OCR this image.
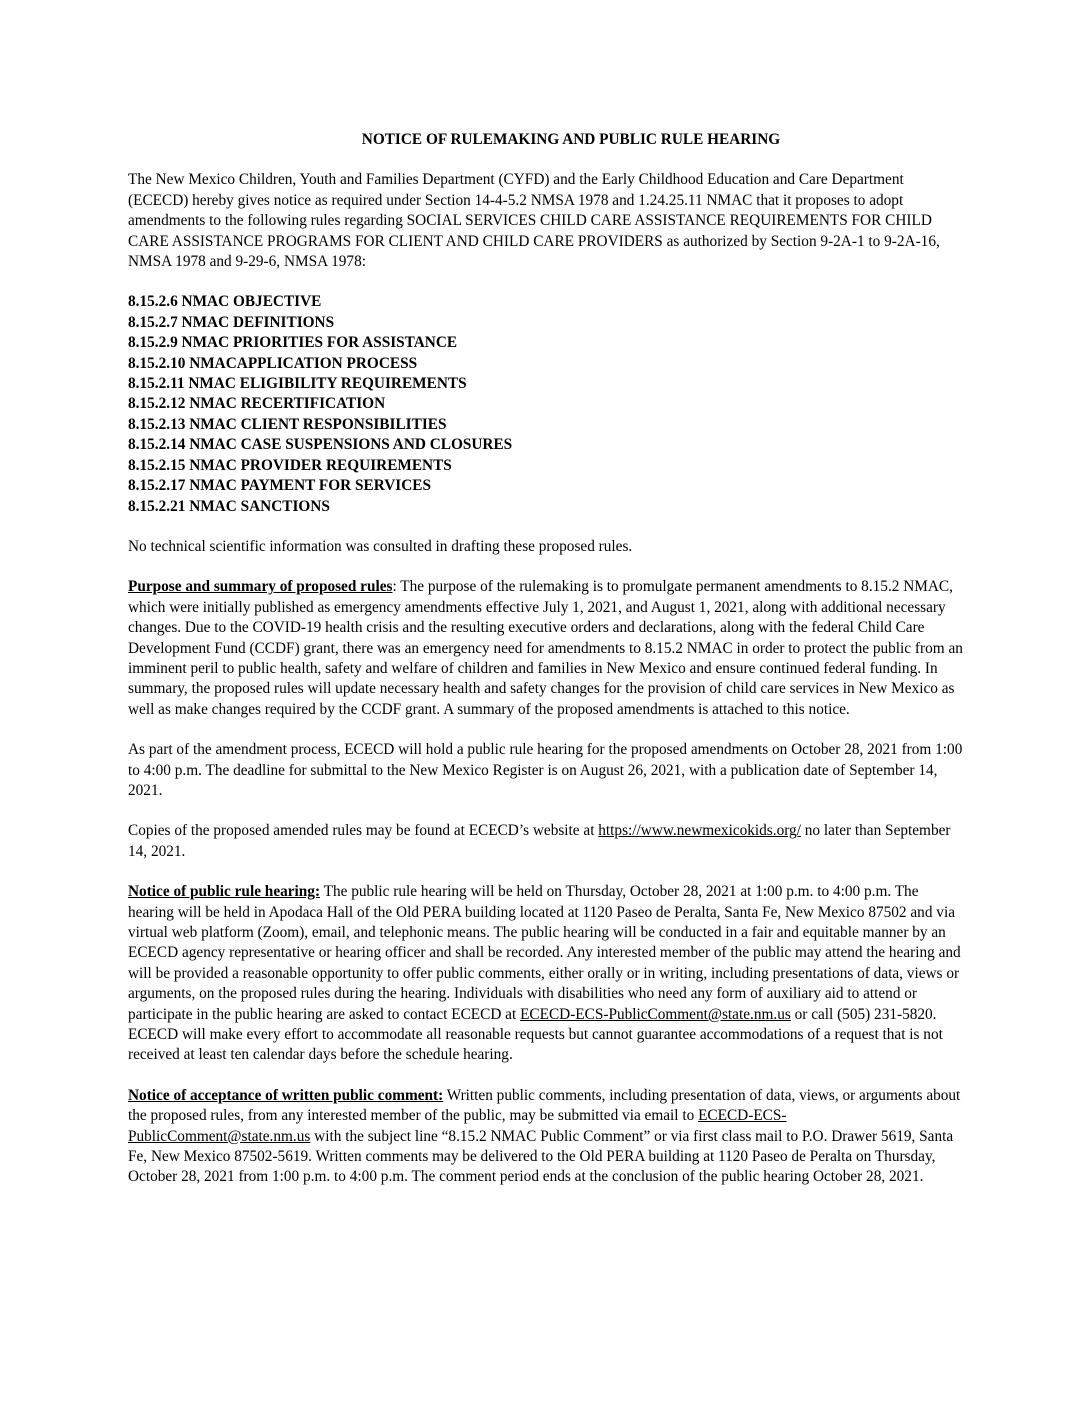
NOTICE OF RULEMAKING AND PUBLIC RULE HEARING

The New Mexico Children, Youth and Families Department (CYFD) and the Early Childhood Education and Care Department (ECECD) hereby gives notice as required under Section 14-4-5.2 NMSA 1978 and 1.24.25.11 NMAC that it proposes to adopt amendments to the following rules regarding SOCIAL SERVICES CHILD CARE ASSISTANCE REQUIREMENTS FOR CHILD CARE ASSISTANCE PROGRAMS FOR CLIENT AND CHILD CARE PROVIDERS as authorized by Section 9-2A-1 to 9-2A-16, NMSA 1978 and 9-29-6, NMSA 1978:

8.15.2.6 NMAC OBJECTIVE
8.15.2.7 NMAC DEFINITIONS
8.15.2.9 NMAC PRIORITIES FOR ASSISTANCE
8.15.2.10 NMACAPPLICATION PROCESS
8.15.2.11 NMAC ELIGIBILITY REQUIREMENTS
8.15.2.12 NMAC RECERTIFICATION
8.15.2.13 NMAC CLIENT RESPONSIBILITIES
8.15.2.14 NMAC CASE SUSPENSIONS AND CLOSURES
8.15.2.15 NMAC PROVIDER REQUIREMENTS
8.15.2.17 NMAC PAYMENT FOR SERVICES
8.15.2.21 NMAC SANCTIONS

No technical scientific information was consulted in drafting these proposed rules.

Purpose and summary of proposed rules: The purpose of the rulemaking is to promulgate permanent amendments to 8.15.2 NMAC, which were initially published as emergency amendments effective July 1, 2021, and August 1, 2021, along with additional necessary changes. Due to the COVID-19 health crisis and the resulting executive orders and declarations, along with the federal Child Care Development Fund (CCDF) grant, there was an emergency need for amendments to 8.15.2 NMAC in order to protect the public from an imminent peril to public health, safety and welfare of children and families in New Mexico and ensure continued federal funding. In summary, the proposed rules will update necessary health and safety changes for the provision of child care services in New Mexico as well as make changes required by the CCDF grant. A summary of the proposed amendments is attached to this notice.

As part of the amendment process, ECECD will hold a public rule hearing for the proposed amendments on October 28, 2021 from 1:00 to 4:00 p.m. The deadline for submittal to the New Mexico Register is on August 26, 2021, with a publication date of September 14, 2021.

Copies of the proposed amended rules may be found at ECECD’s website at https://www.newmexicokids.org/ no later than September 14, 2021.

Notice of public rule hearing: The public rule hearing will be held on Thursday, October 28, 2021 at 1:00 p.m. to 4:00 p.m. The hearing will be held in Apodaca Hall of the Old PERA building located at 1120 Paseo de Peralta, Santa Fe, New Mexico 87502 and via virtual web platform (Zoom), email, and telephonic means. The public hearing will be conducted in a fair and equitable manner by an ECECD agency representative or hearing officer and shall be recorded. Any interested member of the public may attend the hearing and will be provided a reasonable opportunity to offer public comments, either orally or in writing, including presentations of data, views or arguments, on the proposed rules during the hearing. Individuals with disabilities who need any form of auxiliary aid to attend or participate in the public hearing are asked to contact ECECD at ECECD-ECS-PublicComment@state.nm.us or call (505) 231-5820. ECECD will make every effort to accommodate all reasonable requests but cannot guarantee accommodations of a request that is not received at least ten calendar days before the schedule hearing.

Notice of acceptance of written public comment: Written public comments, including presentation of data, views, or arguments about the proposed rules, from any interested member of the public, may be submitted via email to ECECD-ECS-PublicComment@state.nm.us with the subject line “8.15.2 NMAC Public Comment” or via first class mail to P.O. Drawer 5619, Santa Fe, New Mexico 87502-5619. Written comments may be delivered to the Old PERA building at 1120 Paseo de Peralta on Thursday, October 28, 2021 from 1:00 p.m. to 4:00 p.m. The comment period ends at the conclusion of the public hearing October 28, 2021.
